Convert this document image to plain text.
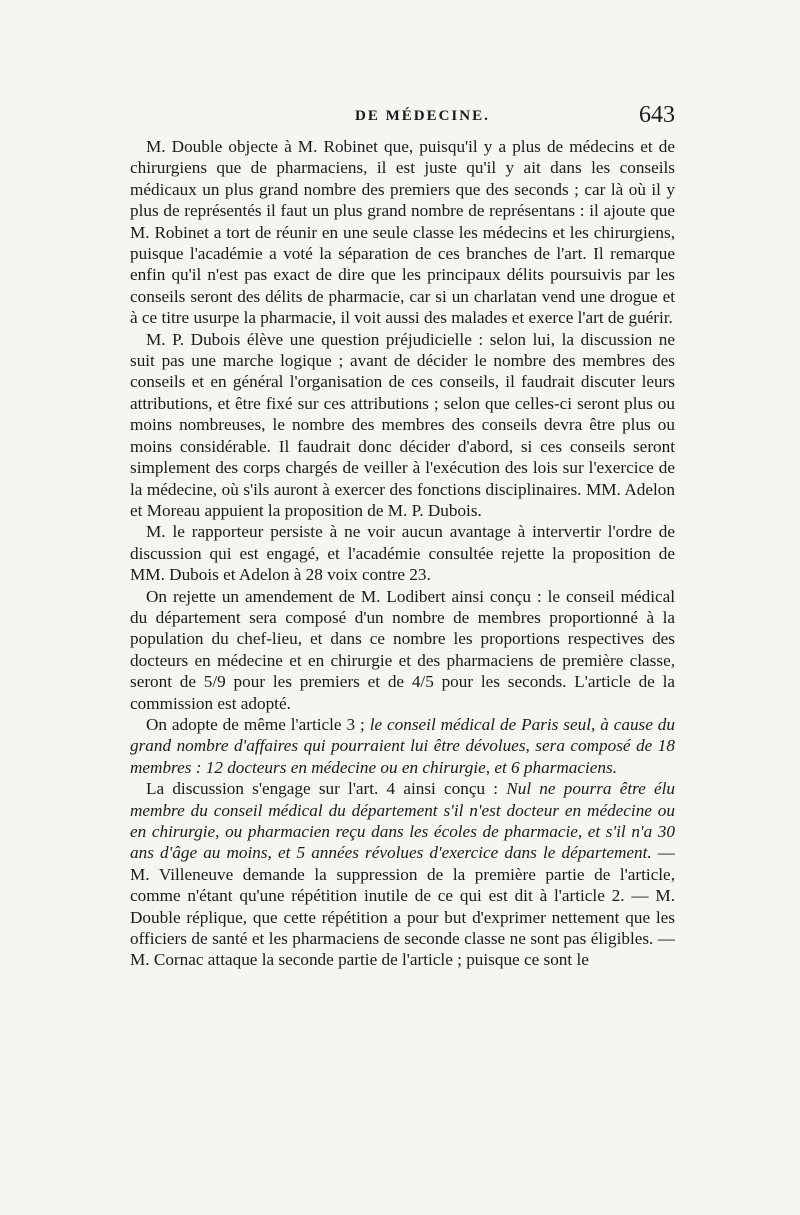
DE MÉDECINE.	643

M. Double objecte à M. Robinet que, puisqu'il y a plus de médecins et de chirurgiens que de pharmaciens, il est juste qu'il y ait dans les conseils médicaux un plus grand nombre des premiers que des seconds ; car là où il y plus de représentés il faut un plus grand nombre de représentans : il ajoute que M. Robinet a tort de réunir en une seule classe les médecins et les chirurgiens, puisque l'académie a voté la séparation de ces branches de l'art. Il remarque enfin qu'il n'est pas exact de dire que les principaux délits poursuivis par les conseils seront des délits de pharmacie, car si un charlatan vend une drogue et à ce titre usurpe la pharmacie, il voit aussi des malades et exerce l'art de guérir.

M. P. Dubois élève une question préjudicielle : selon lui, la discussion ne suit pas une marche logique ; avant de décider le nombre des membres des conseils et en général l'organisation de ces conseils, il faudrait discuter leurs attributions, et être fixé sur ces attributions ; selon que celles-ci seront plus ou moins nombreuses, le nombre des membres des conseils devra être plus ou moins considérable. Il faudrait donc décider d'abord, si ces conseils seront simplement des corps chargés de veiller à l'exécution des lois sur l'exercice de la médecine, où s'ils auront à exercer des fonctions disciplinaires. MM. Adelon et Moreau appuient la proposition de M. P. Dubois.

M. le rapporteur persiste à ne voir aucun avantage à intervertir l'ordre de discussion qui est engagé, et l'académie consultée rejette la proposition de MM. Dubois et Adelon à 28 voix contre 23.

On rejette un amendement de M. Lodibert ainsi conçu : le conseil médical du département sera composé d'un nombre de membres proportionné à la population du chef-lieu, et dans ce nombre les proportions respectives des docteurs en médecine et en chirurgie et des pharmaciens de première classe, seront de 5/9 pour les premiers et de 4/5 pour les seconds. L'article de la commission est adopté.

On adopte de même l'article 3 ; le conseil médical de Paris seul, à cause du grand nombre d'affaires qui pourraient lui être dévolues, sera composé de 18 membres : 12 docteurs en médecine ou en chirurgie, et 6 pharmaciens.

La discussion s'engage sur l'art. 4 ainsi conçu : Nul ne pourra être élu membre du conseil médical du département s'il n'est docteur en médecine ou en chirurgie, ou pharmacien reçu dans les écoles de pharmacie, et s'il n'a 30 ans d'âge au moins, et 5 années révolues d'exercice dans le département. — M. Villeneuve demande la suppression de la première partie de l'article, comme n'étant qu'une répétition inutile de ce qui est dit à l'article 2. — M. Double réplique, que cette répétition a pour but d'exprimer nettement que les officiers de santé et les pharmaciens de seconde classe ne sont pas éligibles. — M. Cornac attaque la seconde partie de l'article ; puisque ce sont le
